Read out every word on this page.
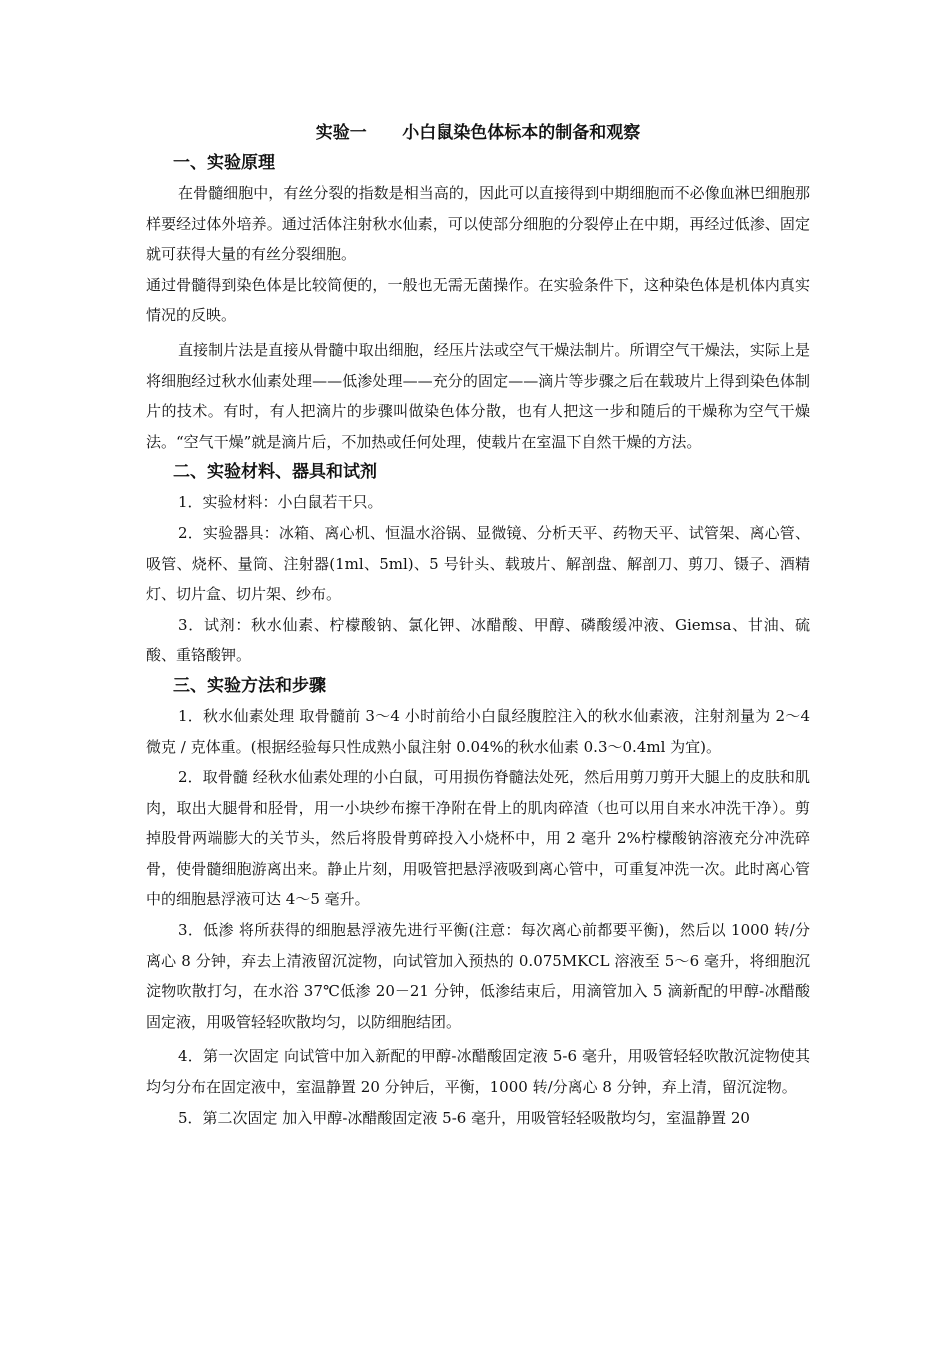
实验一      小白鼠染色体标本的制备和观察
一、实验原理

在骨髓细胞中，有丝分裂的指数是相当高的，因此可以直接得到中期细胞而不必像血淋巴细胞那样要经过体外培养。通过活体注射秋水仙素，可以使部分细胞的分裂停止在中期，再经过低渗、固定就可获得大量的有丝分裂细胞。

通过骨髓得到染色体是比较简便的，一般也无需无菌操作。在实验条件下，这种染色体是机体内真实情况的反映。

直接制片法是直接从骨髓中取出细胞，经压片法或空气干燥法制片。所谓空气干燥法，实际上是将细胞经过秋水仙素处理——低渗处理——充分的固定——滴片等步骤之后在载玻片上得到染色体制片的技术。有时，有人把滴片的步骤叫做染色体分散，也有人把这一步和随后的干燥称为空气干燥法。“空气干燥”就是滴片后，不加热或任何处理，使载片在室温下自然干燥的方法。

二、实验材料、器具和试剂

1．实验材料：小白鼠若干只。

2．实验器具：冰箱、离心机、恒温水浴锅、显微镜、分析天平、药物天平、试管架、离心管、吸管、烧杯、量筒、注射器(1ml、5ml)、5 号针头、载玻片、解剖盘、解剖刀、剪刀、镊子、酒精灯、切片盒、切片架、纱布。

3．试剂：秋水仙素、柠檬酸钠、氯化钾、冰醋酸、甲醇、磷酸缓冲液、Giemsa、甘油、硫酸、重铬酸钾。

三、实验方法和步骤

1．秋水仙素处理 取骨髓前 3～4 小时前给小白鼠经腹腔注入的秋水仙素液，注射剂量为 2～4 微克 / 克体重。(根据经验每只性成熟小鼠注射 0.04%的秋水仙素 0.3～0.4ml 为宜)。

2．取骨髓 经秋水仙素处理的小白鼠，可用损伤脊髓法处死，然后用剪刀剪开大腿上的皮肤和肌肉，取出大腿骨和胫骨，用一小块纱布擦干净附在骨上的肌肉碎渣（也可以用自来水冲洗干净）。剪掉股骨两端膨大的关节头，然后将股骨剪碎投入小烧杯中，用 2 毫升 2%柠檬酸钠溶液充分冲洗碎骨，使骨髓细胞游离出来。静止片刻，用吸管把悬浮液吸到离心管中，可重复冲洗一次。此时离心管中的细胞悬浮液可达 4～5 毫升。

3．低渗 将所获得的细胞悬浮液先进行平衡(注意：每次离心前都要平衡)，然后以 1000 转/分离心 8 分钟，弃去上清液留沉淀物，向试管加入预热的 0.075MKCL 溶液至 5～6 毫升，将细胞沉淀物吹散打匀，在水浴 37℃低渗 20－21 分钟，低渗结束后，用滴管加入 5 滴新配的甲醇-冰醋酸固定液，用吸管轻轻吹散均匀，以防细胞结团。

4．第一次固定 向试管中加入新配的甲醇-冰醋酸固定液 5-6 毫升，用吸管轻轻吹散沉淀物使其均匀分布在固定液中，室温静置 20 分钟后，平衡，1000 转/分离心 8 分钟，弃上清，留沉淀物。

5．第二次固定 加入甲醇-冰醋酸固定液 5-6 毫升，用吸管轻轻吸散均匀，室温静置 20
